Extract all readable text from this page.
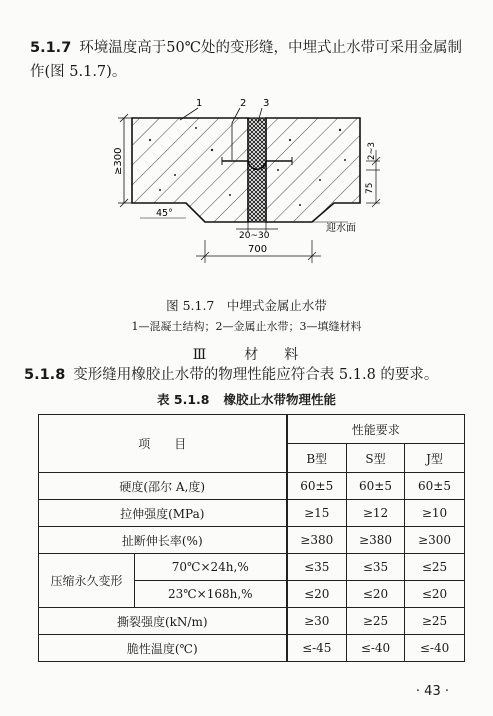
5.1.7 环境温度高于50℃处的变形缝，中埋式止水带可采用金属制作(图 5.1.7)。
1	2 3
≥300
45°
2~3
75
迎水面
20~30
700
图 5.1.7  中埋式金属止水带
1—混凝土结构；2—金属止水带；3—填缝材料
Ⅲ	材 料
5.1.8 变形缝用橡胶止水带的物理性能应符合表 5.1.8 的要求。
表 5.1.8 橡胶止水带物理性能
项　　目		性能要求		
		B型	S型	J型
硬度(邵尔 A,度)		60±5	60±5	60±5
拉伸强度(MPa)		≥15	≥12	≥10
扯断伸长率(%)		≥380	≥380	≥300
压缩永久变形	70℃×24h,%	≤35	≤35	≤25
	23℃×168h,%	≤20	≤20	≤20
撕裂强度(kN/m)		≥30	≥25	≥25
脆性温度(℃)		≤-45	≤-40	≤-40
· 43 ·
